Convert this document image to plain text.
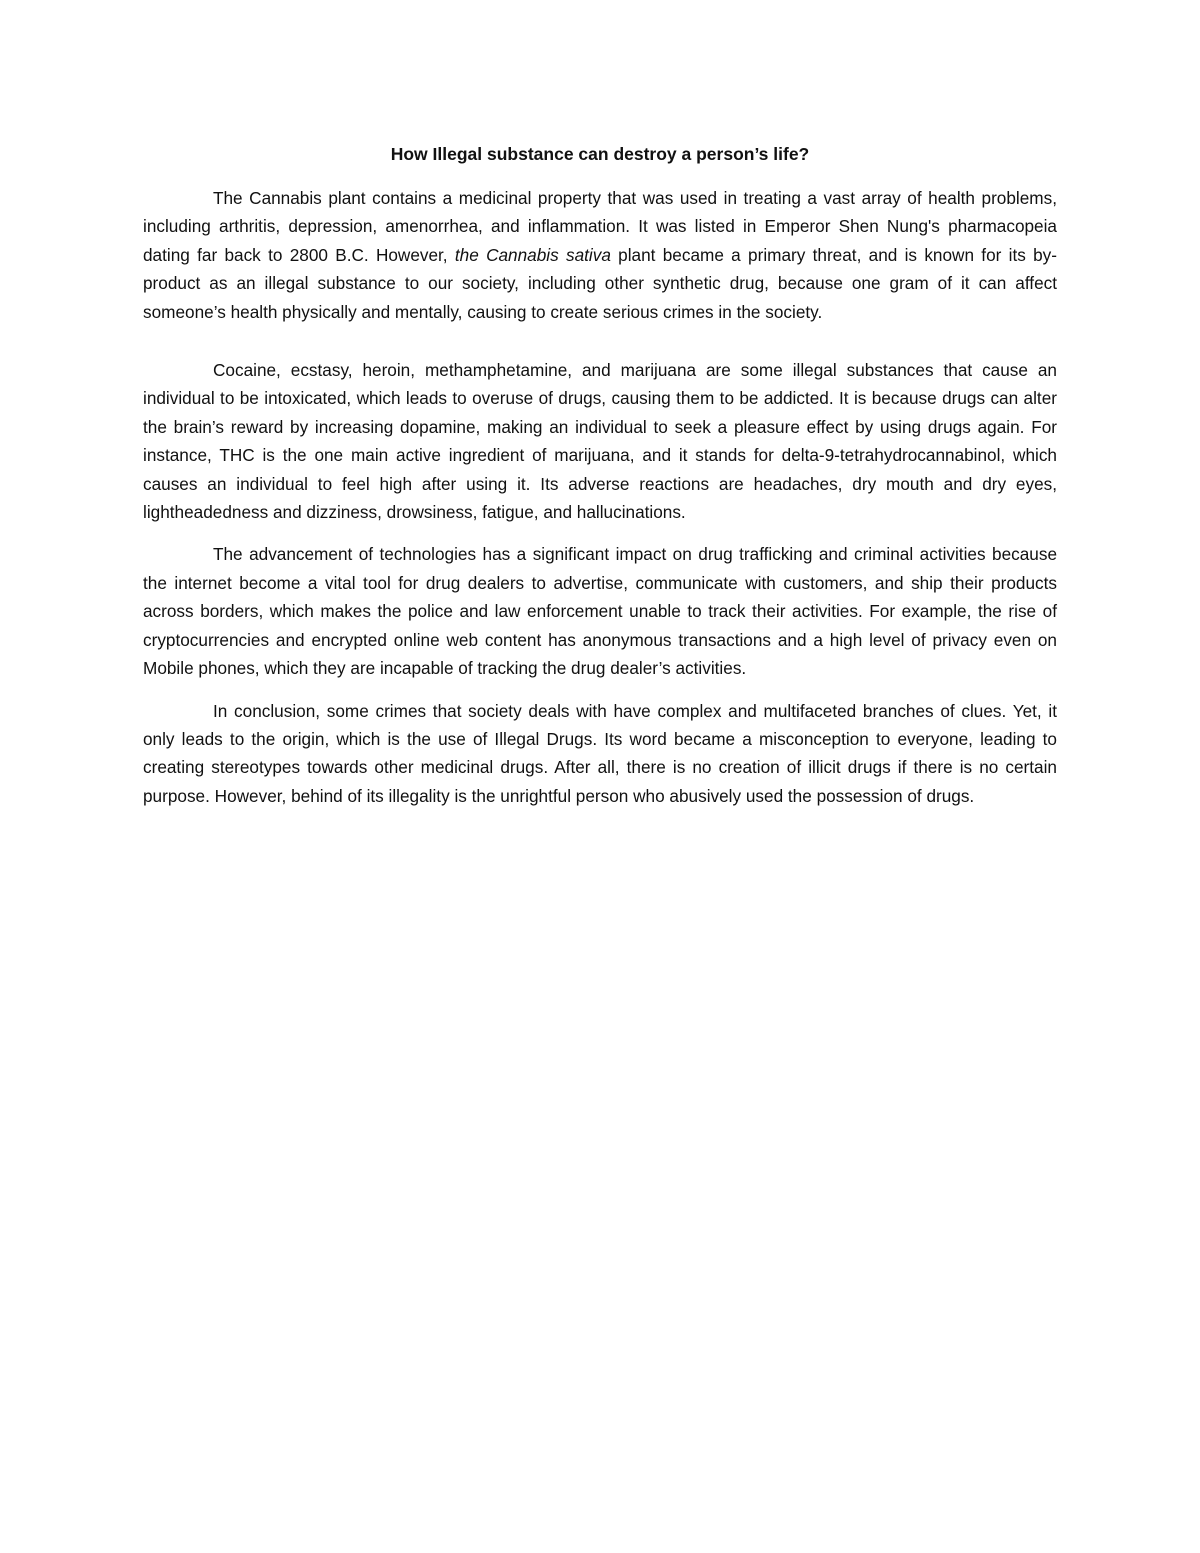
How Illegal substance can destroy a person’s life?

The Cannabis plant contains a medicinal property that was used in treating a vast array of health problems, including arthritis, depression, amenorrhea, and inflammation. It was listed in Emperor Shen Nung's pharmacopeia dating far back to 2800 B.C. However, the Cannabis sativa plant became a primary threat, and is known for its by-product as an illegal substance to our society, including other synthetic drug, because one gram of it can affect someone’s health physically and mentally, causing to create serious crimes in the society.

Cocaine, ecstasy, heroin, methamphetamine, and marijuana are some illegal substances that cause an individual to be intoxicated, which leads to overuse of drugs, causing them to be addicted. It is because drugs can alter the brain’s reward by increasing dopamine, making an individual to seek a pleasure effect by using drugs again. For instance, THC is the one main active ingredient of marijuana, and it stands for delta-9-tetrahydrocannabinol, which causes an individual to feel high after using it. Its adverse reactions are headaches, dry mouth and dry eyes, lightheadedness and dizziness, drowsiness, fatigue, and hallucinations.

The advancement of technologies has a significant impact on drug trafficking and criminal activities because the internet become a vital tool for drug dealers to advertise, communicate with customers, and ship their products across borders, which makes the police and law enforcement unable to track their activities. For example, the rise of cryptocurrencies and encrypted online web content has anonymous transactions and a high level of privacy even on Mobile phones, which they are incapable of tracking the drug dealer’s activities.

In conclusion, some crimes that society deals with have complex and multifaceted branches of clues. Yet, it only leads to the origin, which is the use of Illegal Drugs. Its word became a misconception to everyone, leading to creating stereotypes towards other medicinal drugs. After all, there is no creation of illicit drugs if there is no certain purpose. However, behind of its illegality is the unrightful person who abusively used the possession of drugs.
